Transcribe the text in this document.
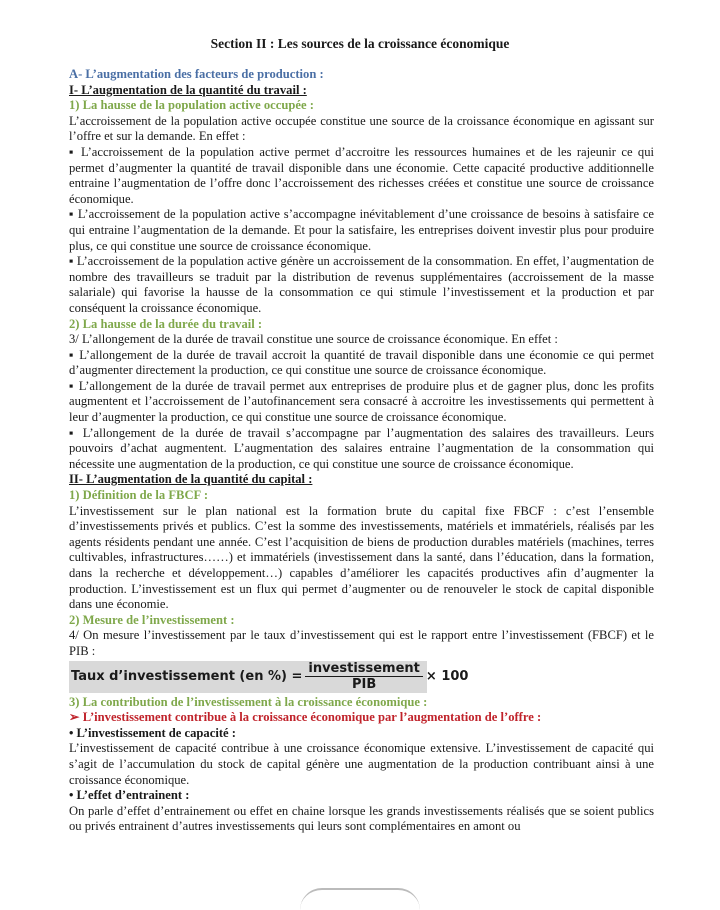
Section II : Les sources de la croissance économique

A- L’augmentation des facteurs de production :

I- L’augmentation de la quantité du travail :

1) La hausse de la population active occupée :

L’accroissement de la population active occupée constitue une source de la croissance économique en agissant sur l’offre et sur la demande. En effet :

▪ L’accroissement de la population active permet d’accroitre les ressources humaines et de les rajeunir ce qui permet d’augmenter la quantité de travail disponible dans une économie. Cette capacité productive additionnelle entraine l’augmentation de l’offre donc l’accroissement des richesses créées et constitue une source de croissance économique.

▪ L’accroissement de la population active s’accompagne inévitablement d’une croissance de besoins à satisfaire ce qui entraine l’augmentation de la demande. Et pour la satisfaire, les entreprises doivent investir plus pour produire plus, ce qui constitue une source de croissance économique.

▪ L’accroissement de la population active génère un accroissement de la consommation. En effet, l’augmentation de nombre des travailleurs se traduit par la distribution de revenus supplémentaires (accroissement de la masse salariale) qui favorise la hausse de la consommation ce qui stimule l’investissement et la production et par conséquent la croissance économique.

2) La hausse de la durée du travail :

3/ L’allongement de la durée de travail constitue une source de croissance économique. En effet :

▪ L’allongement de la durée de travail accroit la quantité de travail disponible dans une économie ce qui permet d’augmenter directement la production, ce qui constitue une source de croissance économique.

▪ L’allongement de la durée de travail permet aux entreprises de produire plus et de gagner plus, donc les profits augmentent et l’accroissement de l’autofinancement sera consacré à accroitre les investissements qui permettent à leur d’augmenter la production, ce qui constitue une source de croissance économique.

▪ L’allongement de la durée de travail s’accompagne par l’augmentation des salaires des travailleurs. Leurs pouvoirs d’achat augmentent. L’augmentation des salaires entraine l’augmentation de la consommation qui nécessite une augmentation de la production, ce qui constitue une source de croissance économique.

II- L’augmentation de la quantité du capital :

1) Définition de la FBCF :

L’investissement sur le plan national est la formation brute du capital fixe FBCF : c’est l’ensemble d’investissements privés et publics. C’est la somme des investissements, matériels et immatériels, réalisés par les agents résidents pendant une année. C’est l’acquisition de biens de production durables matériels (machines, terres cultivables, infrastructures……) et immatériels (investissement dans la santé, dans l’éducation, dans la formation, dans la recherche et développement…) capables d’améliorer les capacités productives afin d’augmenter la production. L’investissement est un flux qui permet d’augmenter ou de renouveler le stock de capital disponible dans une économie.

2) Mesure de l’investissement :

4/ On mesure l’investissement par le taux d’investissement qui est le rapport entre l’investissement (FBCF) et le PIB :

Taux d’investissement (en %) = $\frac{\text{investissement}}{\text{PIB}} \times 100$

3) La contribution de l’investissement à la croissance économique :

➢ L’investissement contribue à la croissance économique par l’augmentation de l’offre :

• L’investissement de capacité :

L’investissement de capacité contribue à une croissance économique extensive. L’investissement de capacité qui s’agit de l’accumulation du stock de capital génère une augmentation de la production contribuant ainsi à une croissance économique.

• L’effet d’entrainent :

On parle d’effet d’entrainement ou effet en chaine lorsque les grands investissements réalisés que se soient publics ou privés entrainent d’autres investissements qui leurs sont complémentaires en amont ou
